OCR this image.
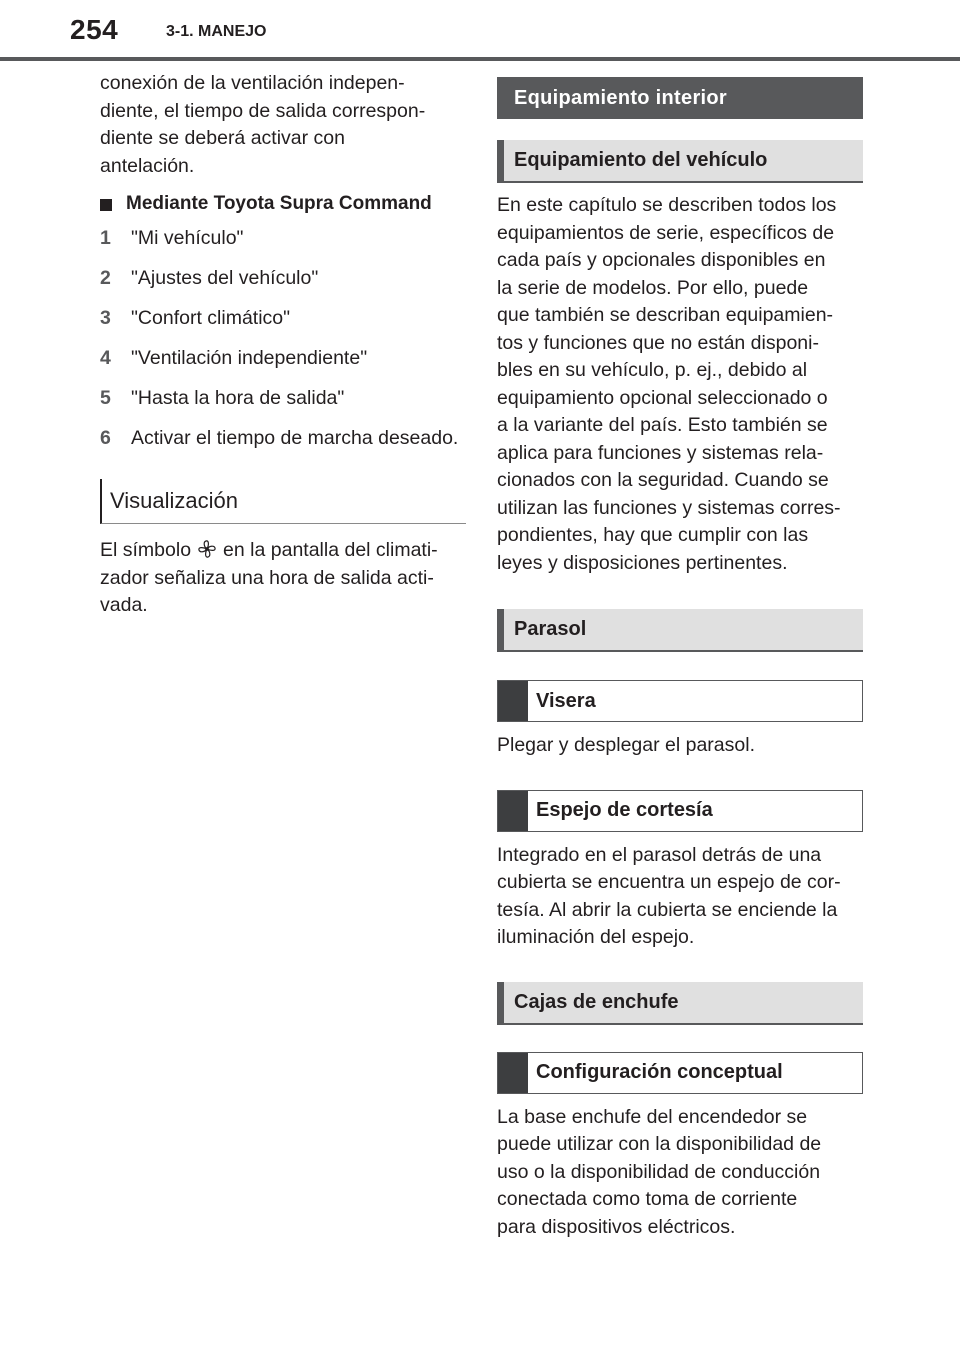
254	3-1. MANEJO
conexión de la ventilación indepen-
diente, el tiempo de salida correspon-
diente se deberá activar con
antelación.
Mediante Toyota Supra Command
1	"Mi vehículo"
2	"Ajustes del vehículo"
3	"Confort climático"
4	"Ventilación independiente"
5	"Hasta la hora de salida"
6	Activar el tiempo de marcha deseado.
Visualización
El símbolo en la pantalla del climati-
zador señaliza una hora de salida acti-
vada.
Equipamiento interior
Equipamiento del vehículo
En este capítulo se describen todos los
equipamientos de serie, específicos de
cada país y opcionales disponibles en
la serie de modelos. Por ello, puede
que también se describan equipamien-
tos y funciones que no están disponi-
bles en su vehículo, p. ej., debido al
equipamiento opcional seleccionado o
a la variante del país. Esto también se
aplica para funciones y sistemas rela-
cionados con la seguridad. Cuando se
utilizan las funciones y sistemas corres-
pondientes, hay que cumplir con las
leyes y disposiciones pertinentes.
Parasol
Visera
Plegar y desplegar el parasol.
Espejo de cortesía
Integrado en el parasol detrás de una
cubierta se encuentra un espejo de cor-
tesía. Al abrir la cubierta se enciende la
iluminación del espejo.
Cajas de enchufe
Configuración conceptual
La base enchufe del encendedor se
puede utilizar con la disponibilidad de
uso o la disponibilidad de conducción
conectada como toma de corriente
para dispositivos eléctricos.
